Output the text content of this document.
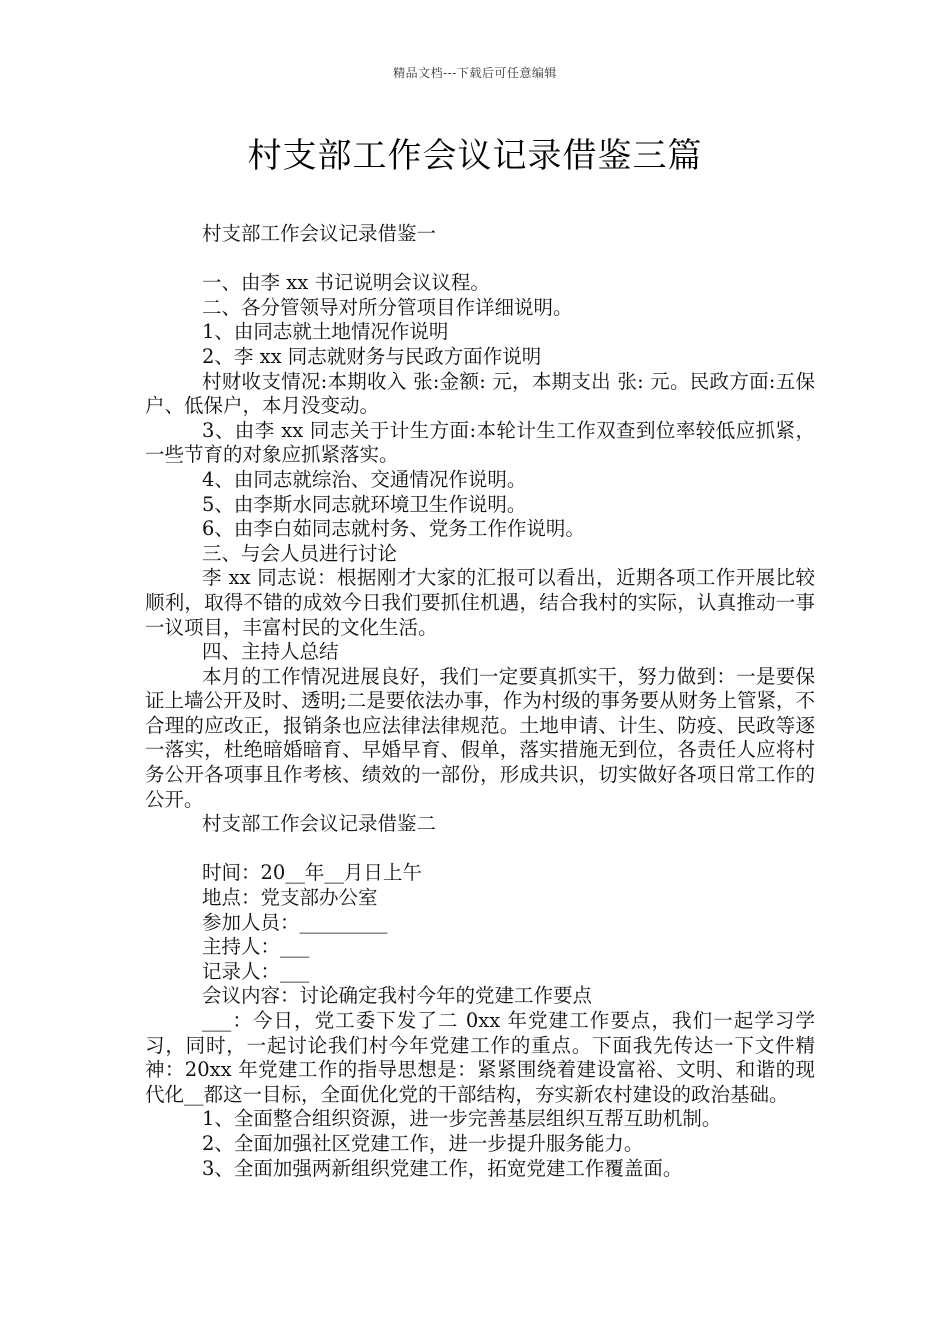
精品文档---下载后可任意编辑
村支部工作会议记录借鉴三篇
村支部工作会议记录借鉴一
一、由李 xx 书记说明会议议程。
二、各分管领导对所分管项目作详细说明。
1、由同志就土地情况作说明
2、李 xx 同志就财务与民政方面作说明
村财收支情况:本期收入 张:金额: 元，本期支出 张: 元。民政方面:五保户、低保户，本月没变动。
3、由李 xx 同志关于计生方面:本轮计生工作双查到位率较低应抓紧，一些节育的对象应抓紧落实。
4、由同志就综治、交通情况作说明。
5、由李斯水同志就环境卫生作说明。
6、由李白茹同志就村务、党务工作作说明。
三、与会人员进行讨论
李 xx 同志说：根据刚才大家的汇报可以看出，近期各项工作开展比较顺利，取得不错的成效今日我们要抓住机遇，结合我村的实际，认真推动一事一议项目，丰富村民的文化生活。
四、主持人总结
本月的工作情况进展良好，我们一定要真抓实干，努力做到：一是要保证上墙公开及时、透明;二是要依法办事，作为村级的事务要从财务上管紧，不合理的应改正，报销条也应法律法律规范。土地申请、计生、防疫、民政等逐一落实，杜绝暗婚暗育、早婚早育、假单，落实措施无到位，各责任人应将村务公开各项事且作考核、绩效的一部份，形成共识，切实做好各项日常工作的公开。
村支部工作会议记录借鉴二
时间：20__年__月日上午
地点：党支部办公室
参加人员：_________
主持人：___
记录人：___
会议内容：讨论确定我村今年的党建工作要点
___：今日，党工委下发了二 0xx 年党建工作要点，我们一起学习学习，同时，一起讨论我们村今年党建工作的重点。下面我先传达一下文件精神：20xx 年党建工作的指导思想是：紧紧围绕着建设富裕、文明、和谐的现代化__都这一目标，全面优化党的干部结构，夯实新农村建设的政治基础。
1、全面整合组织资源，进一步完善基层组织互帮互助机制。
2、全面加强社区党建工作，进一步提升服务能力。
3、全面加强两新组织党建工作，拓宽党建工作覆盖面。
